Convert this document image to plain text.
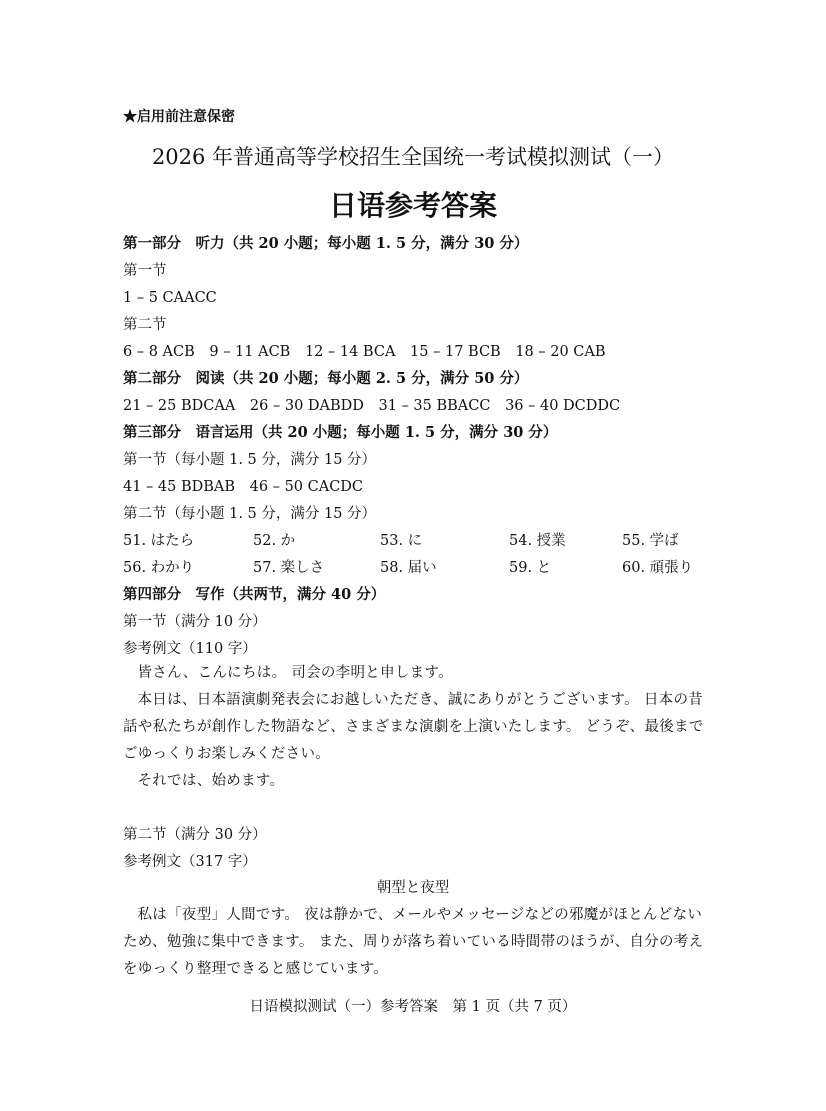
★启用前注意保密
2026 年普通高等学校招生全国统一考试模拟测试（一）
日语参考答案
第一部分　听力（共 20 小题；每小题 1. 5 分，满分 30 分）
第一节
1 – 5 CAACC
第二节
6 – 8 ACB 9 – 11 ACB 12 – 14 BCA 15 – 17 BCB 18 – 20 CAB
第二部分　阅读（共 20 小题；每小题 2. 5 分，满分 50 分）
21 – 25 BDCAA 26 – 30 DABDD 31 – 35 BBACC 36 – 40 DCDDC
第三部分　语言运用（共 20 小题；每小题 1. 5 分，满分 30 分）
第一节（每小题 1. 5 分，满分 15 分）
41 – 45 BDBAB 46 – 50 CACDC
第二节（每小题 1. 5 分，满分 15 分）
51. はたら	52. か	53. に	54. 授業	55. 学ば
56. わかり	57. 楽しさ	58. 届い	59. と	60. 頑張り
第四部分　写作（共两节，满分 40 分）
第一节（满分 10 分）
参考例文（110 字）
皆さん、こんにちは。 司会の李明と申します。
本日は、日本語演劇発表会にお越しいただき、誠にありがとうございます。 日本の昔話や私たちが創作した物語など、さまざまな演劇を上演いたします。 どうぞ、最後までごゆっくりお楽しみください。
それでは、始めます。
第二节（满分 30 分）
参考例文（317 字）
朝型と夜型
私は「夜型」人間です。 夜は静かで、メールやメッセージなどの邪魔がほとんどないため、勉強に集中できます。 また、周りが落ち着いている時間帯のほうが、自分の考えをゆっくり整理できると感じています。
日语模拟测试（一）参考答案　第 1 页（共 7 页）
